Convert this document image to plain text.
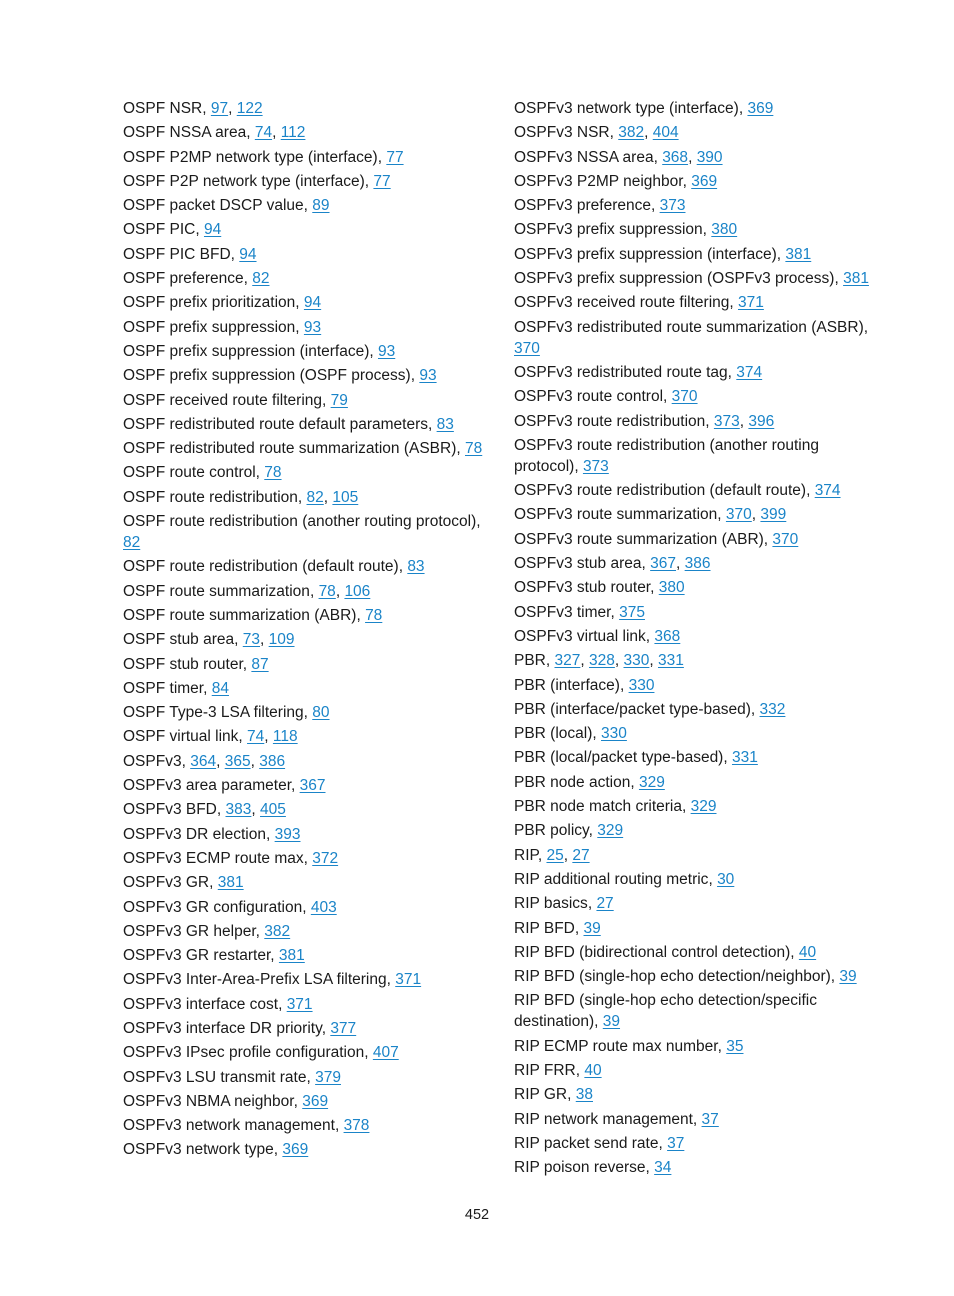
OSPF NSR, 97, 122
OSPF NSSA area, 74, 112
OSPF P2MP network type (interface), 77
OSPF P2P network type (interface), 77
OSPF packet DSCP value, 89
OSPF PIC, 94
OSPF PIC BFD, 94
OSPF preference, 82
OSPF prefix prioritization, 94
OSPF prefix suppression, 93
OSPF prefix suppression (interface), 93
OSPF prefix suppression (OSPF process), 93
OSPF received route filtering, 79
OSPF redistributed route default parameters, 83
OSPF redistributed route summarization (ASBR), 78
OSPF route control, 78
OSPF route redistribution, 82, 105
OSPF route redistribution (another routing protocol), 82
OSPF route redistribution (default route), 83
OSPF route summarization, 78, 106
OSPF route summarization (ABR), 78
OSPF stub area, 73, 109
OSPF stub router, 87
OSPF timer, 84
OSPF Type-3 LSA filtering, 80
OSPF virtual link, 74, 118
OSPFv3, 364, 365, 386
OSPFv3 area parameter, 367
OSPFv3 BFD, 383, 405
OSPFv3 DR election, 393
OSPFv3 ECMP route max, 372
OSPFv3 GR, 381
OSPFv3 GR configuration, 403
OSPFv3 GR helper, 382
OSPFv3 GR restarter, 381
OSPFv3 Inter-Area-Prefix LSA filtering, 371
OSPFv3 interface cost, 371
OSPFv3 interface DR priority, 377
OSPFv3 IPsec profile configuration, 407
OSPFv3 LSU transmit rate, 379
OSPFv3 NBMA neighbor, 369
OSPFv3 network management, 378
OSPFv3 network type, 369
OSPFv3 network type (interface), 369
OSPFv3 NSR, 382, 404
OSPFv3 NSSA area, 368, 390
OSPFv3 P2MP neighbor, 369
OSPFv3 preference, 373
OSPFv3 prefix suppression, 380
OSPFv3 prefix suppression (interface), 381
OSPFv3 prefix suppression (OSPFv3 process), 381
OSPFv3 received route filtering, 371
OSPFv3 redistributed route summarization (ASBR), 370
OSPFv3 redistributed route tag, 374
OSPFv3 route control, 370
OSPFv3 route redistribution, 373, 396
OSPFv3 route redistribution (another routing protocol), 373
OSPFv3 route redistribution (default route), 374
OSPFv3 route summarization, 370, 399
OSPFv3 route summarization (ABR), 370
OSPFv3 stub area, 367, 386
OSPFv3 stub router, 380
OSPFv3 timer, 375
OSPFv3 virtual link, 368
PBR, 327, 328, 330, 331
PBR (interface), 330
PBR (interface/packet type-based), 332
PBR (local), 330
PBR (local/packet type-based), 331
PBR node action, 329
PBR node match criteria, 329
PBR policy, 329
RIP, 25, 27
RIP additional routing metric, 30
RIP basics, 27
RIP BFD, 39
RIP BFD (bidirectional control detection), 40
RIP BFD (single-hop echo detection/neighbor), 39
RIP BFD (single-hop echo detection/specific destination), 39
RIP ECMP route max number, 35
RIP FRR, 40
RIP GR, 38
RIP network management, 37
RIP packet send rate, 37
RIP poison reverse, 34
452
